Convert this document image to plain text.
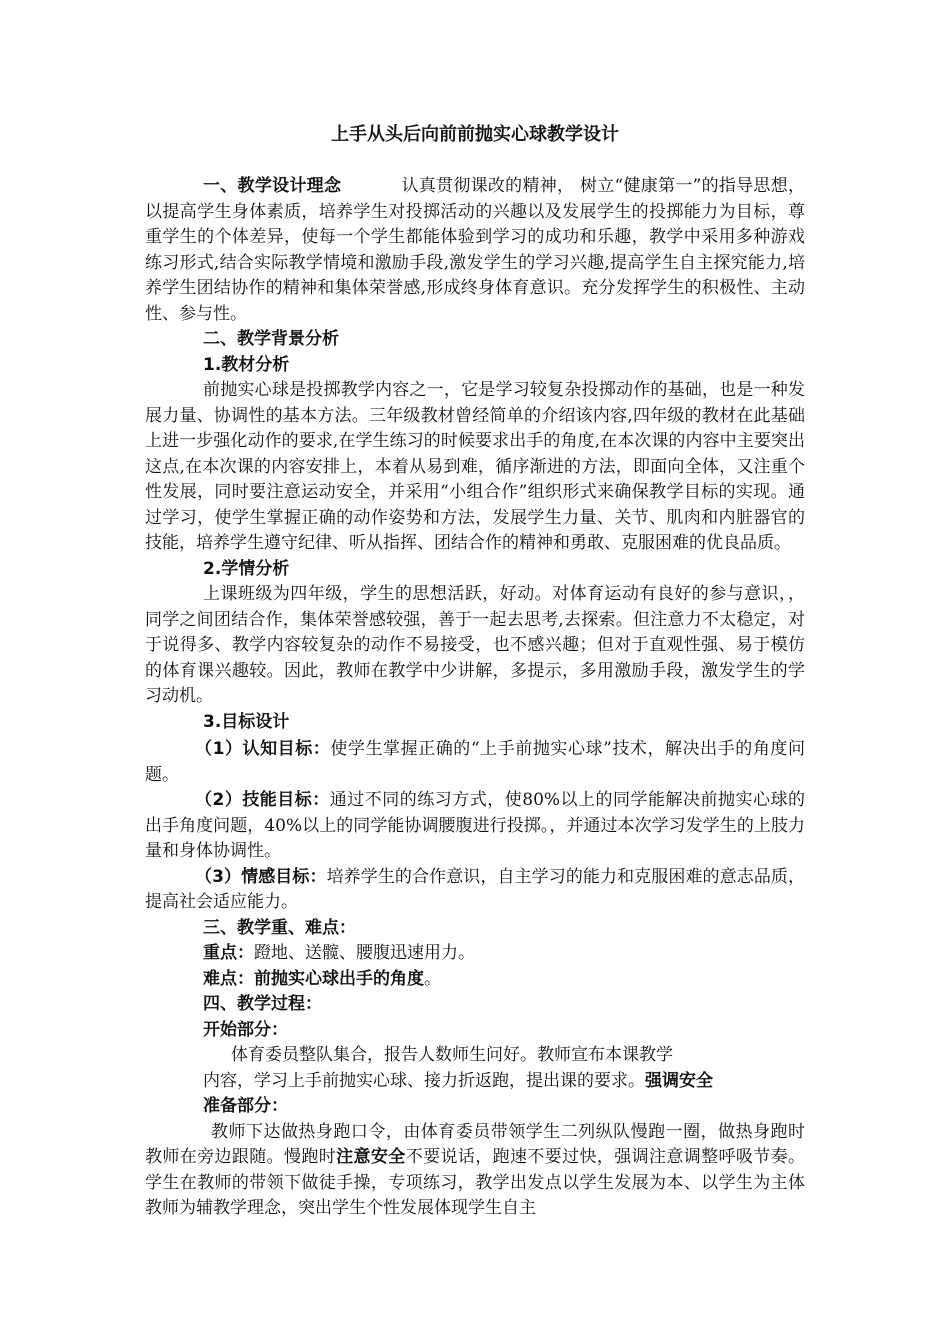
上手从头后向前前抛实心球教学设计

一、教学设计理念	认真贯彻课改的精神， 树立“健康第一”的指导思想，以提高学生身体素质，培养学生对投掷活动的兴趣以及发展学生的投掷能力为目标，尊重学生的个体差异，使每一个学生都能体验到学习的成功和乐趣，教学中采用多种游戏练习形式,结合实际教学情境和激励手段,激发学生的学习兴趣,提高学生自主探究能力,培养学生团结协作的精神和集体荣誉感,形成终身体育意识。充分发挥学生的积极性、主动性、参与性。

二、教学背景分析

1.教材分析

前抛实心球是投掷教学内容之一，它是学习较复杂投掷动作的基础，也是一种发展力量、协调性的基本方法。三年级教材曾经简单的介绍该内容,四年级的教材在此基础上进一步强化动作的要求,在学生练习的时候要求出手的角度,在本次课的内容中主要突出这点,在本次课的内容安排上，本着从易到难，循序渐进的方法，即面向全体，又注重个性发展，同时要注意运动安全，并采用“小组合作”组织形式来确保教学目标的实现。通过学习，使学生掌握正确的动作姿势和方法，发展学生力量、关节、肌肉和内脏器官的技能，培养学生遵守纪律、听从指挥、团结合作的精神和勇敢、克服困难的优良品质。

2.学情分析

上课班级为四年级，学生的思想活跃，好动。对体育运动有良好的参与意识，，同学之间团结合作，集体荣誉感较强，善于一起去思考,去探索。但注意力不太稳定，对于说得多、教学内容较复杂的动作不易接受，也不感兴趣；但对于直观性强、易于模仿的体育课兴趣较。因此，教师在教学中少讲解，多提示，多用激励手段，激发学生的学习动机。

3.目标设计

（1）认知目标：使学生掌握正确的“上手前抛实心球”技术，解决出手的角度问题。

（2）技能目标：通过不同的练习方式，使80%以上的同学能解决前抛实心球的出手角度问题，40%以上的同学能协调腰腹进行投掷。，并通过本次学习发学生的上肢力量和身体协调性。

（3）情感目标：培养学生的合作意识，自主学习的能力和克服困难的意志品质，提高社会适应能力。

三、教学重、难点：

重点：蹬地、送髋、腰腹迅速用力。

难点：前抛实心球出手的角度。

四、教学过程：

开始部分：

体育委员整队集合，报告人数师生问好。教师宣布本课教学

内容，学习上手前抛实心球、接力折返跑，提出课的要求。强调安全

准备部分：

教师下达做热身跑口令，由体育委员带领学生二列纵队慢跑一圈，做热身跑时教师在旁边跟随。慢跑时注意安全不要说话，跑速不要过快，强调注意调整呼吸节奏。学生在教师的带领下做徒手操，专项练习，教学出发点以学生发展为本、以学生为主体教师为辅教学理念，突出学生个性发展体现学生自主
